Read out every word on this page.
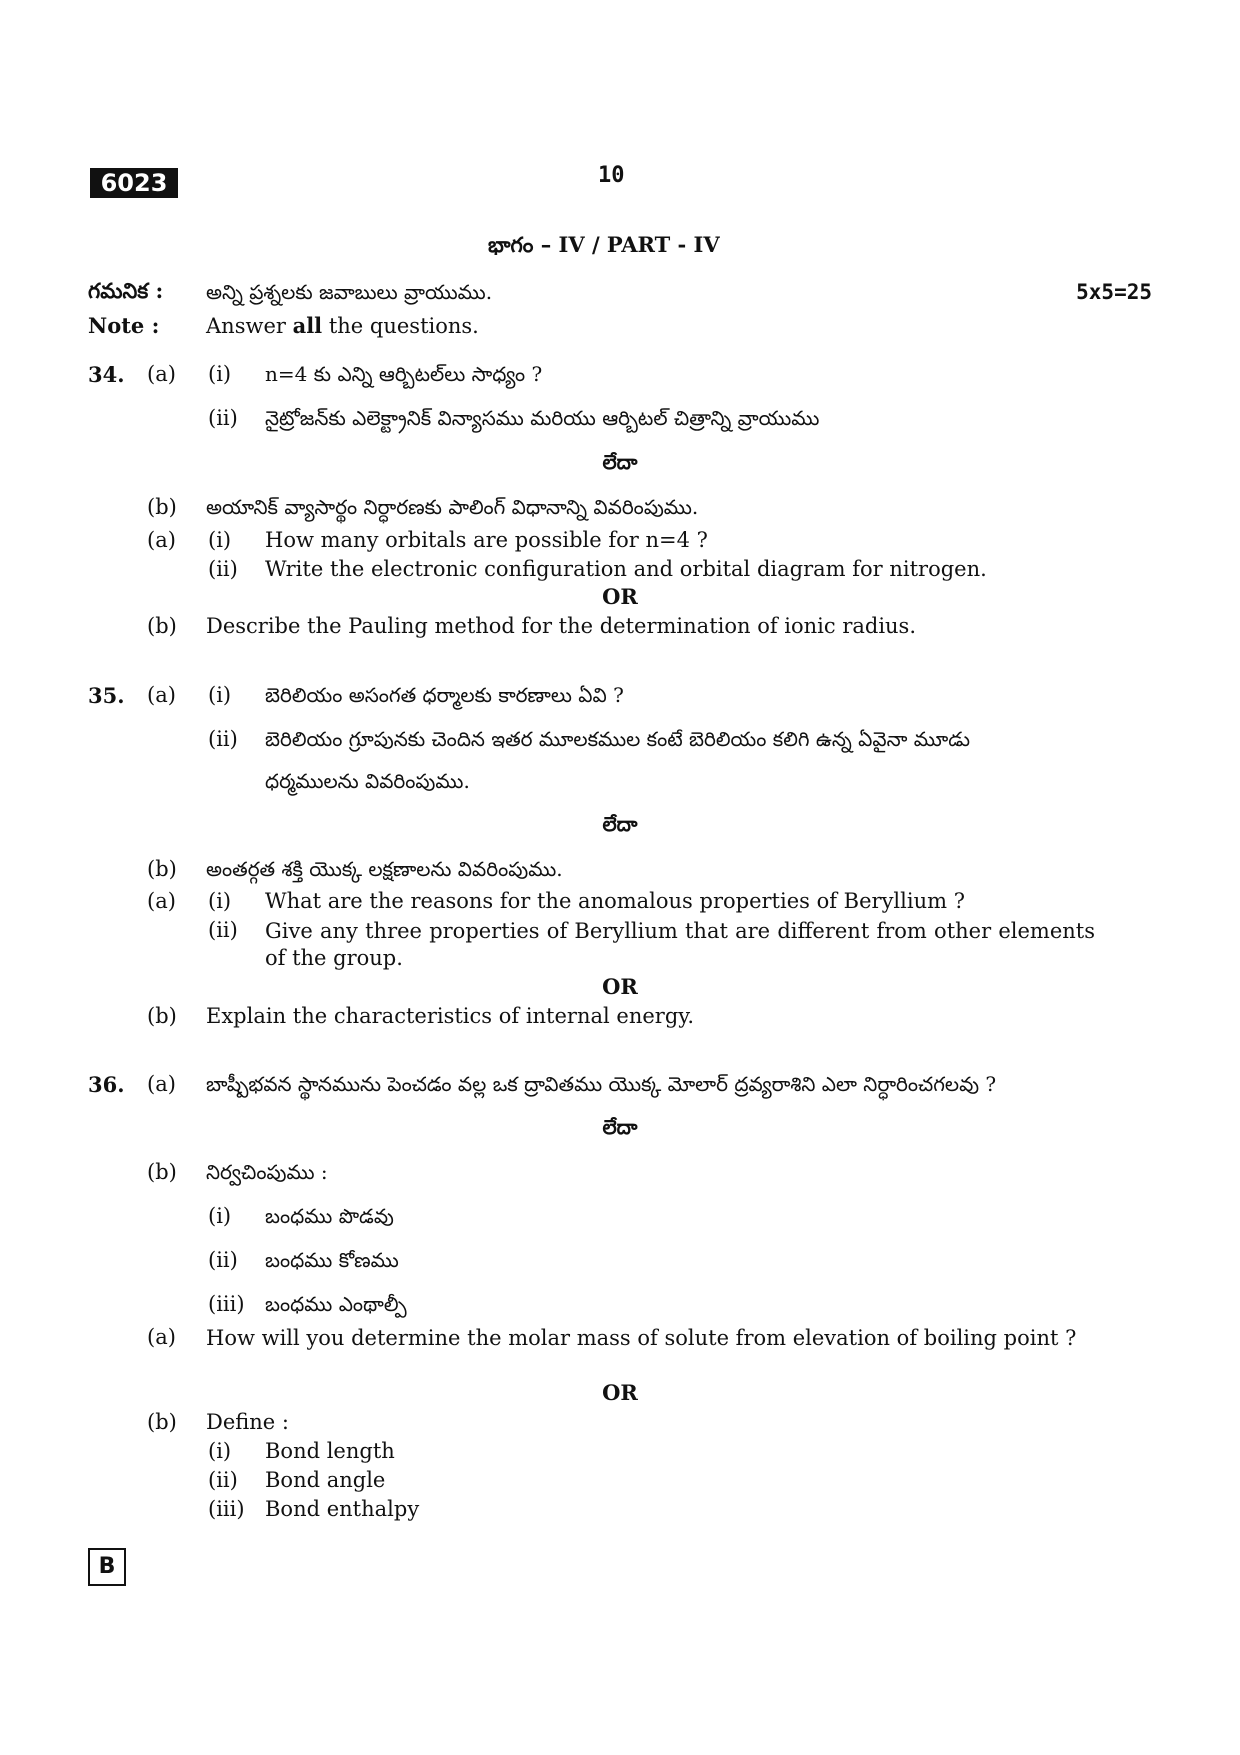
6023	10
భాగం – IV / PART - IV
గమనిక : అన్ని ప్రశ్నలకు జవాబులు వ్రాయుము.	5x5=25
Note : Answer all the questions.
34. (a) (i) n=4 కు ఎన్ని ఆర్బిటల్‌లు సాధ్యం ?
(ii) నైట్రోజన్‌కు ఎలెక్ట్రానిక్ విన్యాసము మరియు ఆర్బిటల్ చిత్రాన్ని వ్రాయుము
లేదా
(b) అయానిక్ వ్యాసార్థం నిర్ధారణకు పాలింగ్ విధానాన్ని వివరింపుము.
(a) (i) How many orbitals are possible for n=4 ?
(ii) Write the electronic configuration and orbital diagram for nitrogen.
OR
(b) Describe the Pauling method for the determination of ionic radius.
35. (a) (i) బెరిలియం అసంగత ధర్మాలకు కారణాలు ఏవి ?
(ii) బెరిలియం గ్రూపునకు చెందిన ఇతర మూలకముల కంటే బెరిలియం కలిగి ఉన్న ఏవైనా మూడు
ధర్మములను వివరింపుము.
లేదా
(b) అంతర్గత శక్తి యొక్క లక్షణాలను వివరింపుము.
(a) (i) What are the reasons for the anomalous properties of Beryllium ?
(ii) Give any three properties of Beryllium that are different from other elements of the group.
OR
(b) Explain the characteristics of internal energy.
36. (a) బాష్పీభవన స్థానమును పెంచడం వల్ల ఒక ద్రావితము యొక్క మోలార్ ద్రవ్యరాశిని ఎలా నిర్ధారించగలవు ?
లేదా
(b) నిర్వచింపుము :
(i) బంధము పొడవు
(ii) బంధము కోణము
(iii) బంధము ఎంథాల్పీ
(a) How will you determine the molar mass of solute from elevation of boiling point ?
OR
(b) Define :
(i) Bond length
(ii) Bond angle
(iii) Bond enthalpy
B
